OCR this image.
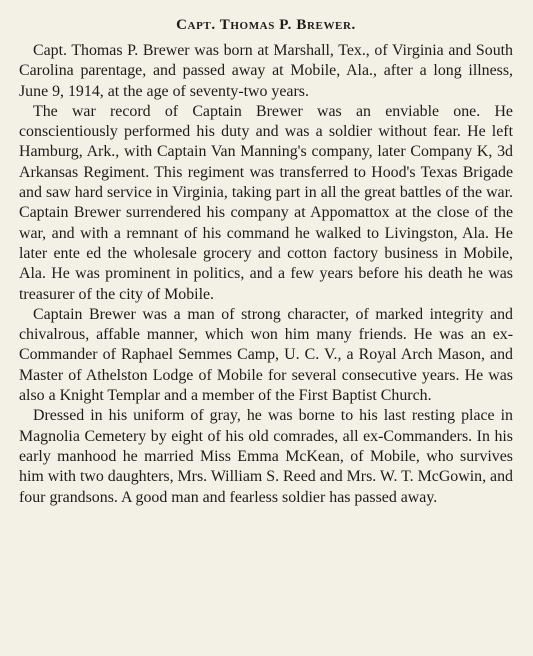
Capt. Thomas P. Brewer.

Capt. Thomas P. Brewer was born at Marshall, Tex., of Virginia and South Carolina parentage, and passed away at Mobile, Ala., after a long illness, June 9, 1914, at the age of seventy-two years.

The war record of Captain Brewer was an enviable one. He conscientiously performed his duty and was a soldier without fear. He left Hamburg, Ark., with Captain Van Manning's company, later Company K, 3d Arkansas Regiment. This regiment was transferred to Hood's Texas Brigade and saw hard service in Virginia, taking part in all the great battles of the war. Captain Brewer surrendered his company at Appomattox at the close of the war, and with a remnant of his command he walked to Livingston, Ala. He later ente ed the wholesale grocery and cotton factory business in Mobile, Ala. He was prominent in politics, and a few years before his death he was treasurer of the city of Mobile.

Captain Brewer was a man of strong character, of marked integrity and chivalrous, affable manner, which won him many friends. He was an ex-Commander of Raphael Semmes Camp, U. C. V., a Royal Arch Mason, and Master of Athelston Lodge of Mobile for several consecutive years. He was also a Knight Templar and a member of the First Baptist Church.

Dressed in his uniform of gray, he was borne to his last resting place in Magnolia Cemetery by eight of his old comrades, all ex-Commanders. In his early manhood he married Miss Emma McKean, of Mobile, who survives him with two daughters, Mrs. William S. Reed and Mrs. W. T. McGowin, and four grandsons. A good man and fearless soldier has passed away.
